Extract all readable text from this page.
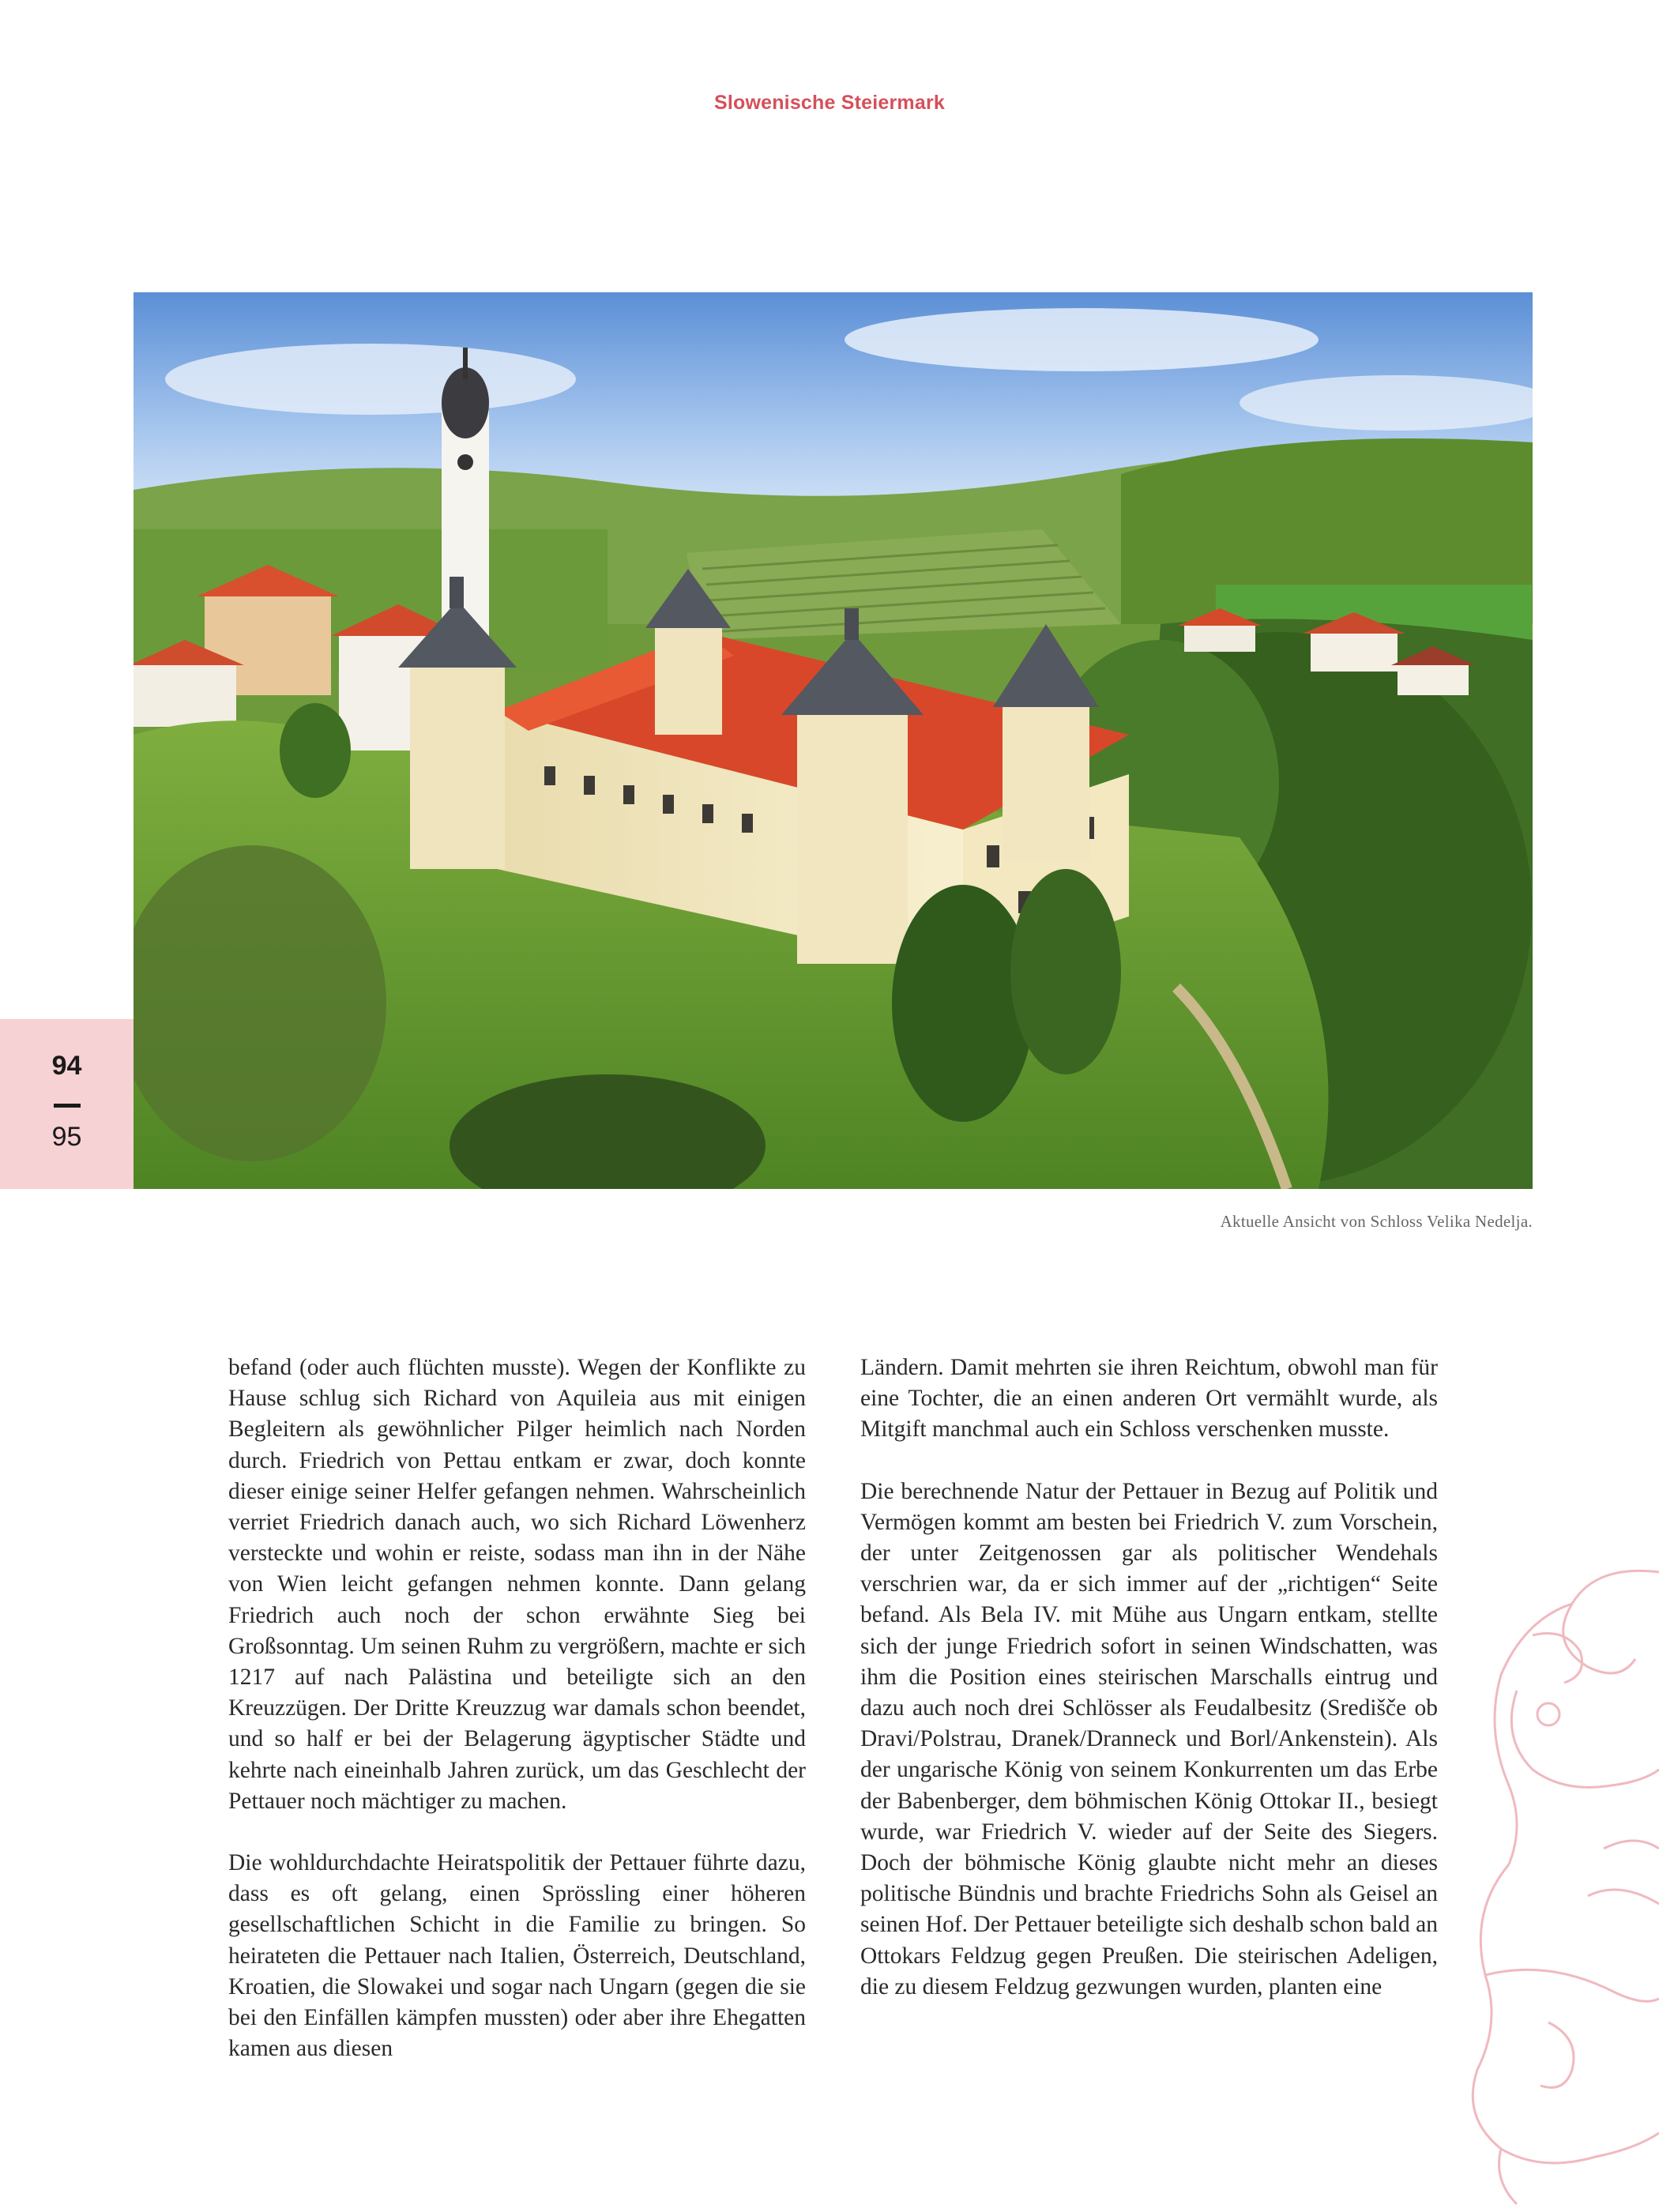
Slowenische Steiermark
94
95
Aktuelle Ansicht von Schloss Velika Nedelja.

befand (oder auch flüchten musste). Wegen der Konflikte zu Hause schlug sich Richard von Aquileia aus mit einigen Begleitern als gewöhnlicher Pilger heimlich nach Norden durch. Friedrich von Pettau entkam er zwar, doch konnte dieser einige seiner Helfer gefangen nehmen. Wahrscheinlich verriet Friedrich danach auch, wo sich Richard Löwenherz versteckte und wohin er reiste, sodass man ihn in der Nähe von Wien leicht gefangen nehmen konnte. Dann gelang Friedrich auch noch der schon erwähnte Sieg bei Großsonntag. Um seinen Ruhm zu vergrößern, machte er sich 1217 auf nach Palästina und beteiligte sich an den Kreuzzügen. Der Dritte Kreuzzug war damals schon beendet, und so half er bei der Belagerung ägyptischer Städte und kehrte nach eineinhalb Jahren zurück, um das Geschlecht der Pettauer noch mächtiger zu machen.

Die wohldurchdachte Heiratspolitik der Pettauer führte dazu, dass es oft gelang, einen Sprössling einer höheren gesellschaftlichen Schicht in die Familie zu bringen. So heirateten die Pettauer nach Italien, Österreich, Deutschland, Kroatien, die Slowakei und sogar nach Ungarn (gegen die sie bei den Einfällen kämpfen mussten) oder aber ihre Ehegatten kamen aus diesen

Ländern. Damit mehrten sie ihren Reichtum, obwohl man für eine Tochter, die an einen anderen Ort vermählt wurde, als Mitgift manchmal auch ein Schloss verschenken musste.

Die berechnende Natur der Pettauer in Bezug auf Politik und Vermögen kommt am besten bei Friedrich V. zum Vorschein, der unter Zeitgenossen gar als politischer Wendehals verschrien war, da er sich immer auf der „richtigen“ Seite befand. Als Bela IV. mit Mühe aus Ungarn entkam, stellte sich der junge Friedrich sofort in seinen Windschatten, was ihm die Position eines steirischen Marschalls eintrug und dazu auch noch drei Schlösser als Feudalbesitz (Središče ob Dravi/Polstrau, Dranek/Dranneck und Borl/Ankenstein). Als der ungarische König von seinem Konkurrenten um das Erbe der Babenberger, dem böhmischen König Ottokar II., besiegt wurde, war Friedrich V. wieder auf der Seite des Siegers. Doch der böhmische König glaubte nicht mehr an dieses politische Bündnis und brachte Friedrichs Sohn als Geisel an seinen Hof. Der Pettauer beteiligte sich deshalb schon bald an Ottokars Feldzug gegen Preußen. Die steirischen Adeligen, die zu diesem Feldzug gezwungen wurden, planten eine
